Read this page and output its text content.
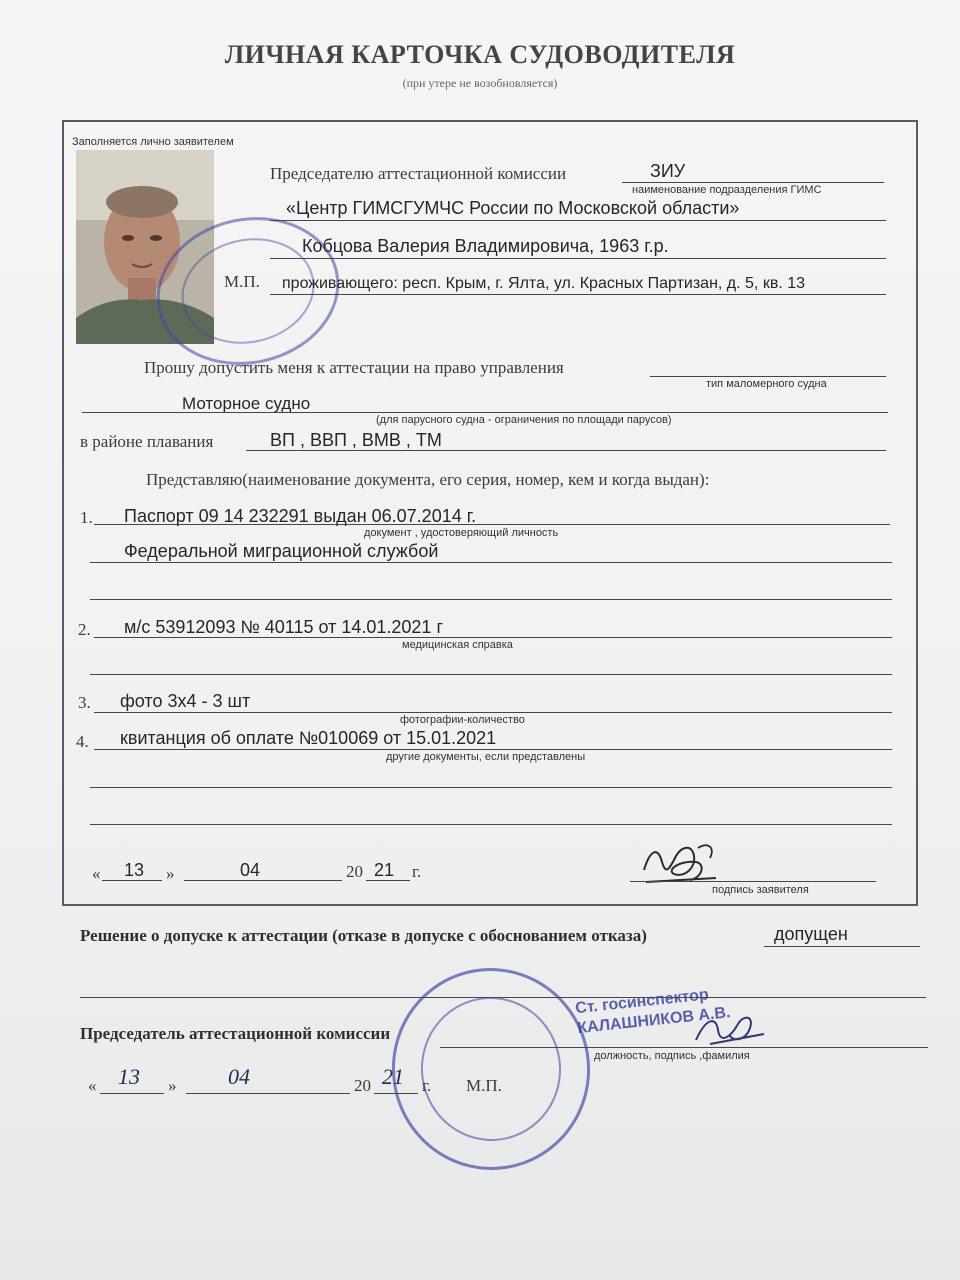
ЛИЧНАЯ КАРТОЧКА СУДОВОДИТЕЛЯ
(при утере не возобновляется)
Заполняется лично заявителем
Председателю аттестационной комиссии	ЗИУ
наименование подразделения ГИМС
«Центр ГИМСГУМЧС России по Московской области»
Кобцова Валерия Владимировича, 1963 г.р.
М.П. проживающего: респ. Крым, г. Ялта, ул. Красных Партизан, д. 5, кв. 13
Прошу допустить меня к аттестации на право управления
тип маломерного судна
Моторное судно
(для парусного судна - ограничения по площади парусов)
в районе плавания	ВП , ВВП , ВМВ , ТМ
Представляю(наименование документа, его серия, номер, кем и когда выдан):
1. Паспорт 09 14 232291 выдан 06.07.2014 г.
документ , удостоверяющий личность
Федеральной миграционной службой
2. м/с 53912093 № 40115 от 14.01.2021 г
медицинская справка
3. фото 3х4 - 3 шт
фотографии-количество
4. квитанция об оплате №010069 от 15.01.2021
другие документы, если представлены
« 13 »	04	20 21 г.
подпись заявителя
Решение о допуске к аттестации (отказе в допуске с обоснованием отказа)	допущен
Председатель аттестационной комиссии
Ст. госинспектор КАЛАШНИКОВ А.В.
должность, подпись ,фамилия
« 13 » 04	20 21 г. М.П.
